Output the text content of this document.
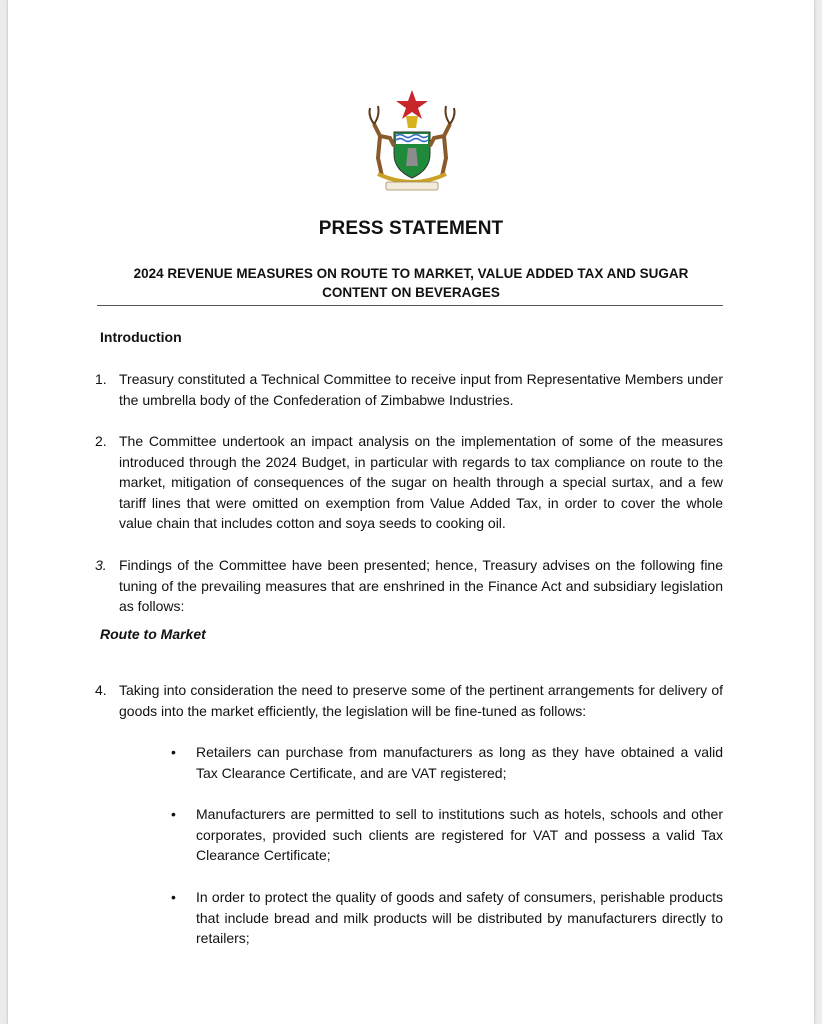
PRESS STATEMENT
2024 REVENUE MEASURES ON ROUTE TO MARKET, VALUE ADDED TAX AND SUGAR CONTENT ON BEVERAGES
Introduction
1. Treasury constituted a Technical Committee to receive input from Representative Members under the umbrella body of the Confederation of Zimbabwe Industries.
2. The Committee undertook an impact analysis on the implementation of some of the measures introduced through the 2024 Budget, in particular with regards to tax compliance on route to the market, mitigation of consequences of the sugar on health through a special surtax, and a few tariff lines that were omitted on exemption from Value Added Tax, in order to cover the whole value chain that includes cotton and soya seeds to cooking oil.
3. Findings of the Committee have been presented; hence, Treasury advises on the following fine tuning of the prevailing measures that are enshrined in the Finance Act and subsidiary legislation as follows:
Route to Market
4. Taking into consideration the need to preserve some of the pertinent arrangements for delivery of goods into the market efficiently, the legislation will be fine-tuned as follows:
• Retailers can purchase from manufacturers as long as they have obtained a valid Tax Clearance Certificate, and are VAT registered;
• Manufacturers are permitted to sell to institutions such as hotels, schools and other corporates, provided such clients are registered for VAT and possess a valid Tax Clearance Certificate;
• In order to protect the quality of goods and safety of consumers, perishable products that include bread and milk products will be distributed by manufacturers directly to retailers;
